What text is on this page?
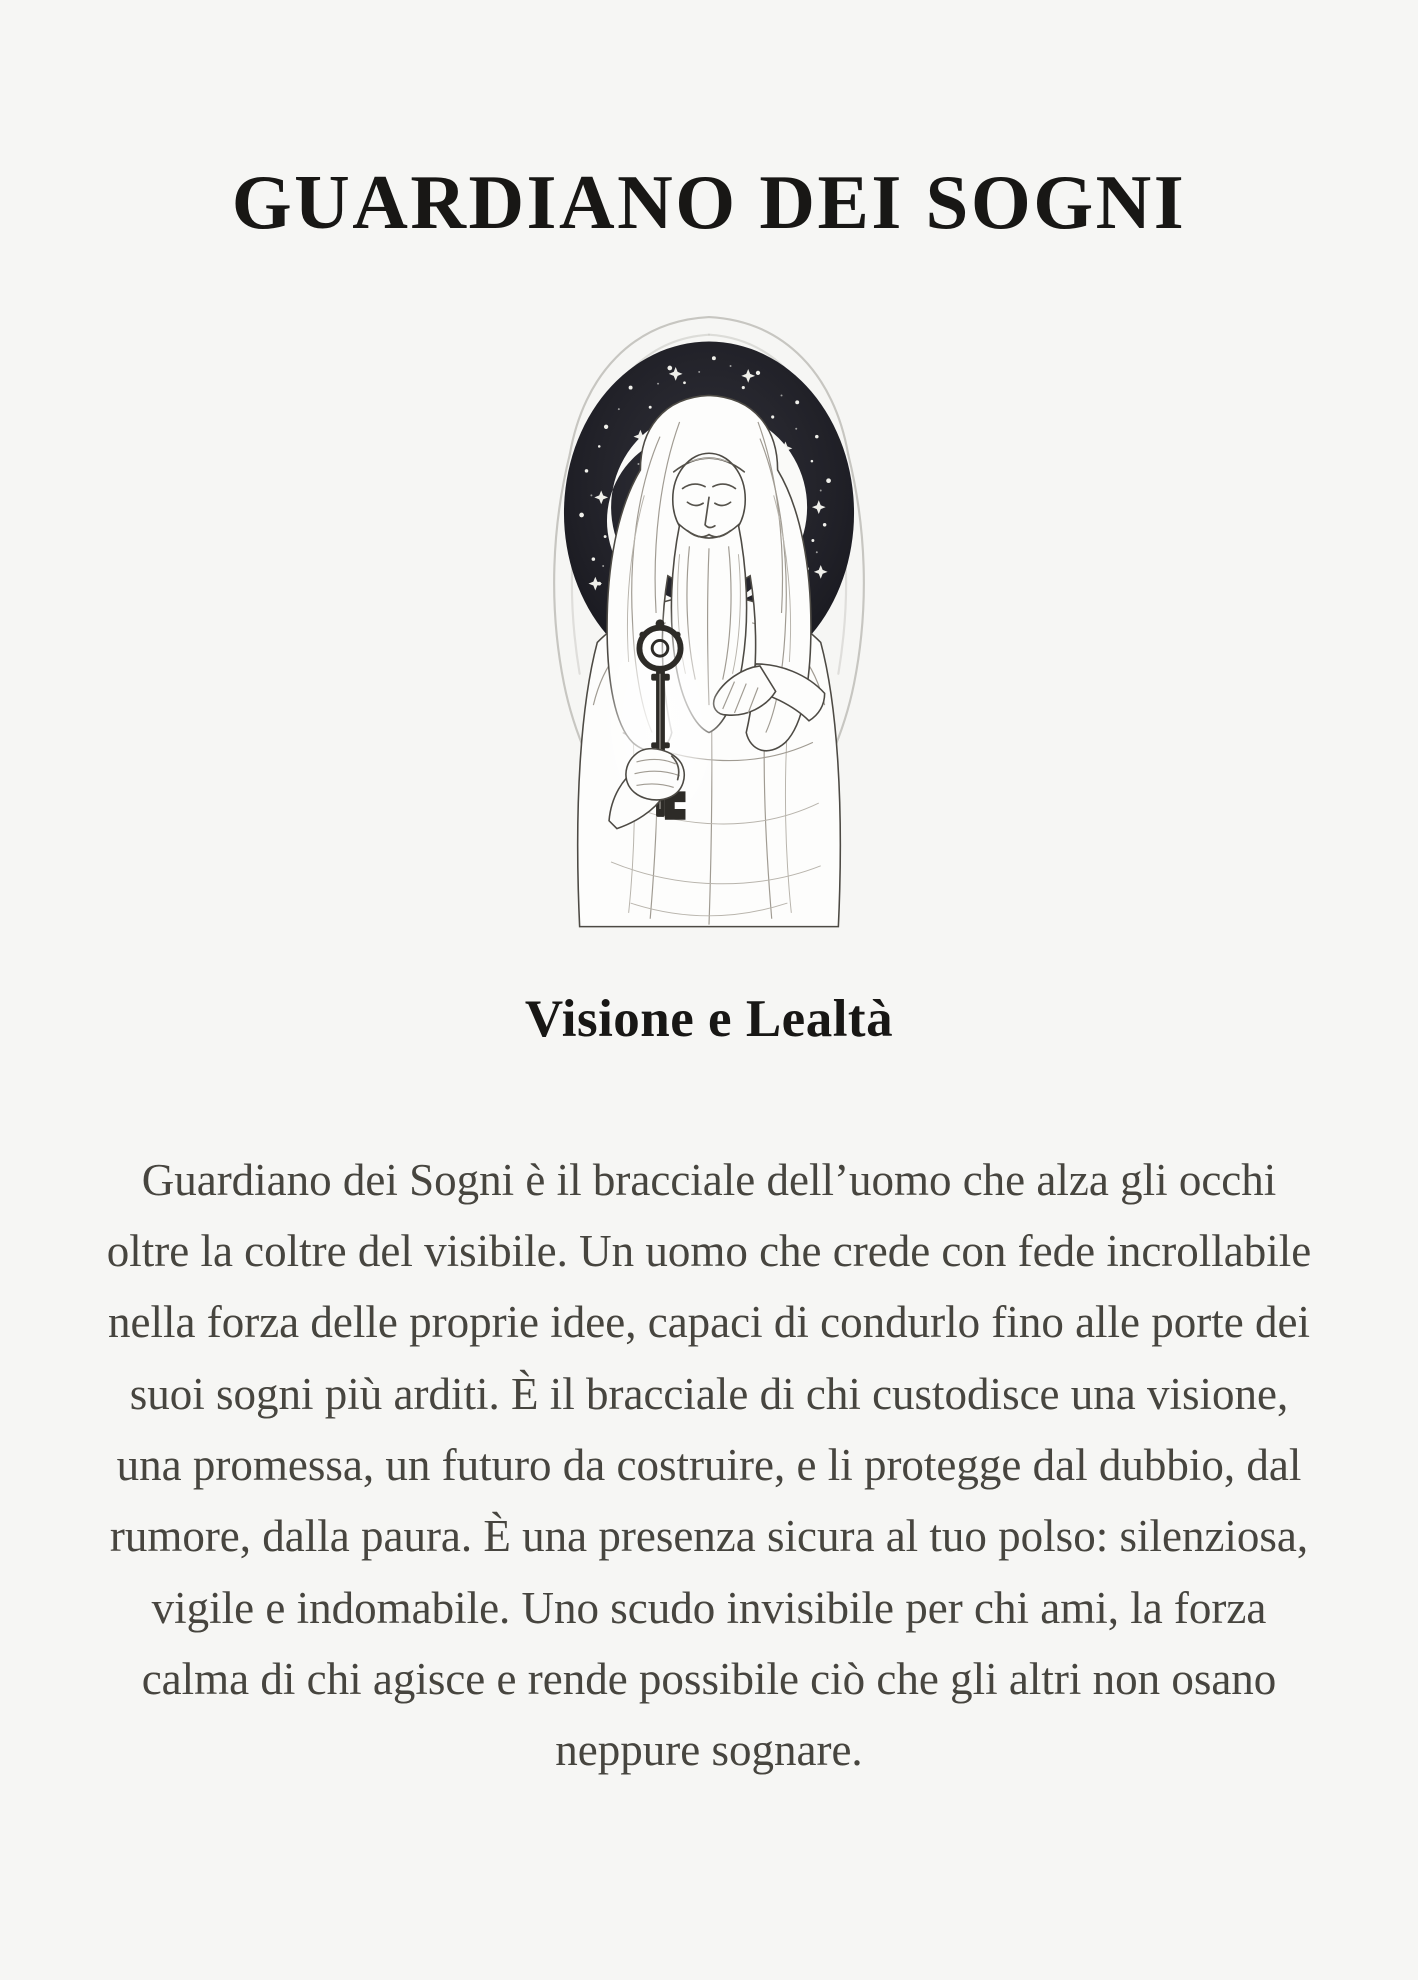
GUARDIANO DEI SOGNI
Visione e Lealtà

Guardiano dei Sogni è il bracciale dell’uomo che alza gli occhi oltre la coltre del visibile. Un uomo che crede con fede incrollabile nella forza delle proprie idee, capaci di condurlo fino alle porte dei suoi sogni più arditi. È il bracciale di chi custodisce una visione, una promessa, un futuro da costruire, e li protegge dal dubbio, dal rumore, dalla paura. È una presenza sicura al tuo polso: silenziosa, vigile e indomabile. Uno scudo invisibile per chi ami, la forza calma di chi agisce e rende possibile ciò che gli altri non osano neppure sognare.
